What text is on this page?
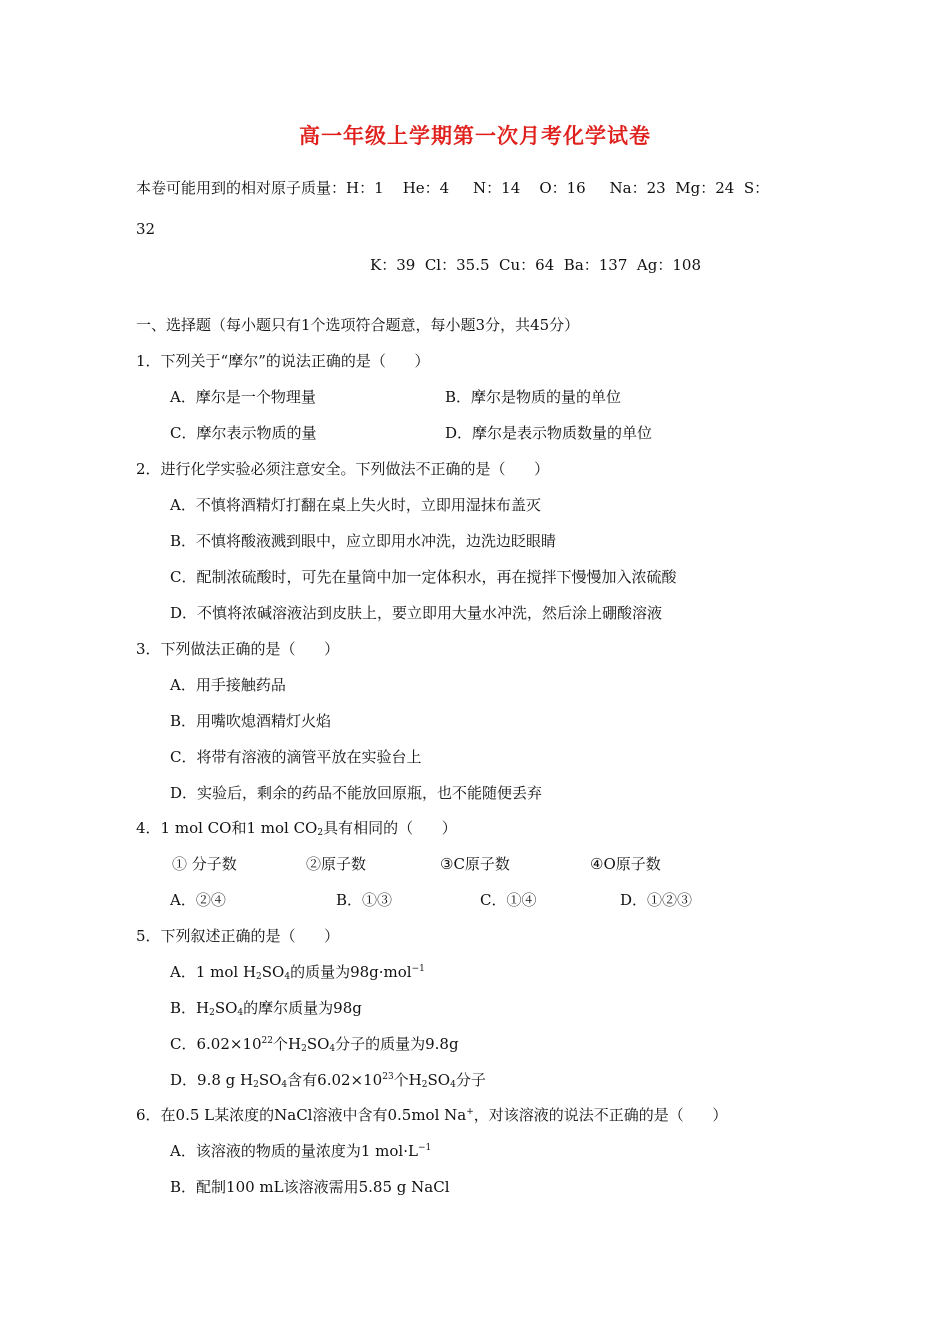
高一年级上学期第一次月考化学试卷
本卷可能用到的相对原子质量：H：1    He：4     N：14    O：16     Na：23  Mg：24  S：
32
K：39  Cl：35.5  Cu：64  Ba：137  Ag：108
一、选择题（每小题只有1个选项符合题意，每小题3分，共45分）
1．下列关于“摩尔”的说法正确的是（      ）
A．摩尔是一个物理量	B．摩尔是物质的量的单位
C．摩尔表示物质的量	D．摩尔是表示物质数量的单位
2．进行化学实验必须注意安全。下列做法不正确的是（      ）
A．不慎将酒精灯打翻在桌上失火时，立即用湿抹布盖灭
B．不慎将酸液溅到眼中，应立即用水冲洗，边洗边眨眼睛
C．配制浓硫酸时，可先在量筒中加一定体积水，再在搅拌下慢慢加入浓硫酸
D．不慎将浓碱溶液沾到皮肤上，要立即用大量水冲洗，然后涂上硼酸溶液
3．下列做法正确的是（      ）
A．用手接触药品
B．用嘴吹熄酒精灯火焰
C．将带有溶液的滴管平放在实验台上
D．实验后，剩余的药品不能放回原瓶，也不能随便丢弃
4．1 mol CO和1 mol $CO_2$具有相同的（      ）
① 分子数	②原子数	③C原子数	④O原子数
A．②④	B．①③	C．①④	D．①②③
5．下列叙述正确的是（      ）
A．1 mol $H_2SO_4$的质量为98g·mol$^{-1}$
B．$H_2SO_4$的摩尔质量为98g
C．$6.02\times 10^{22}$个$H_2SO_4$分子的质量为9.8g
D．9.8 g $H_2SO_4$含有$6.02\times 10^{23}$个$H_2SO_4$分子
6．在0.5 L某浓度的NaCl溶液中含有0.5mol Na+，对该溶液的说法不正确的是（      ）
A．该溶液的物质的量浓度为1 $mol\cdot L^{-1}$
B．配制100 mL该溶液需用5.85 g NaCl
